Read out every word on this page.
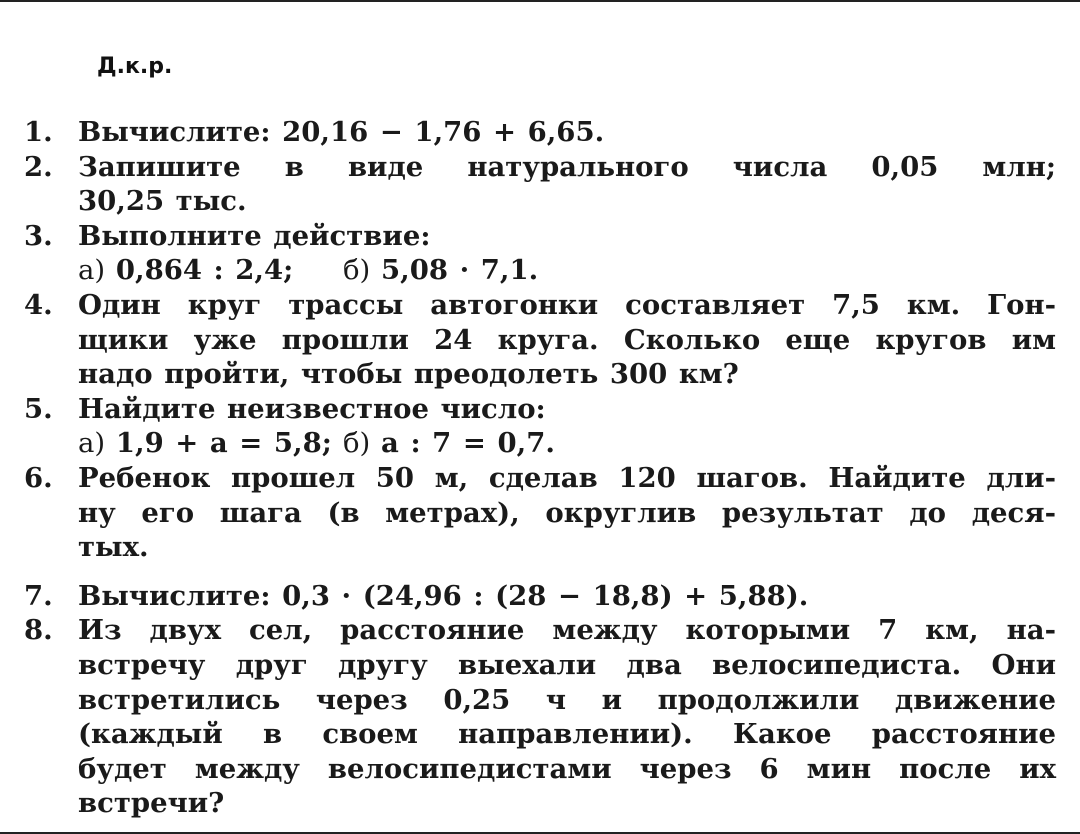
Д.к.р.
1. Вычислите: 20,16 − 1,76 + 6,65.
2. Запишите в виде натурального числа 0,05 млн;
30,25 тыс.
3. Выполните действие:
а) 0,864 : 2,4; б) 5,08 · 7,1.
4. Один круг трассы автогонки составляет 7,5 км. Гон-
щики уже прошли 24 круга. Сколько еще кругов им
надо пройти, чтобы преодолеть 300 км?
5. Найдите неизвестное число:
а) 1,9 + a = 5,8; б) a : 7 = 0,7.
6. Ребенок прошел 50 м, сделав 120 шагов. Найдите дли-
ну его шага (в метрах), округлив результат до деся-
тых.
7. Вычислите: 0,3 · (24,96 : (28 − 18,8) + 5,88).
8. Из двух сел, расстояние между которыми 7 км, на-
встречу друг другу выехали два велосипедиста. Они
встретились через 0,25 ч и продолжили движение
(каждый в своем направлении). Какое расстояние
будет между велосипедистами через 6 мин после их
встречи?
